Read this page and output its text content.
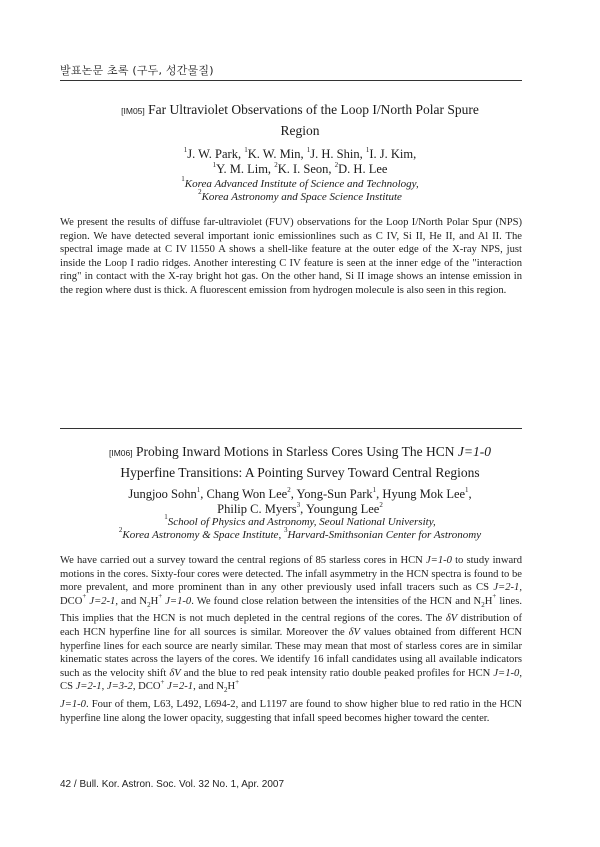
발표논문 초록 (구두, 성간물질)
[IM05] Far Ultraviolet Observations of the Loop I/North Polar Spure
Region
$^1$J. W. Park, $^1$K. W. Min, $^1$J. H. Shin, $^1$I. J. Kim,
$^1$Y. M. Lim, $^2$K. I. Seon, $^2$D. H. Lee
$^1$Korea Advanced Institute of Science and Technology,
$^2$Korea Astronomy and Space Science Institute

We present the results of diffuse far-ultraviolet (FUV) observations for the Loop I/North Polar Spur (NPS) region. We have detected several important ionic emissionlines such as C IV, Si II, He II, and Al II. The spectral image made at C IV l1550 A shows a shell-like feature at the outer edge of the X-ray NPS, just inside the Loop I radio ridges. Another interesting C IV feature is seen at the inner edge of the "interaction ring" in contact with the X-ray bright hot gas. On the other hand, Si II image shows an intense emission in the region where dust is thick. A fluorescent emission from hydrogen molecule is also seen in this region.

[IM06] Probing Inward Motions in Starless Cores Using The HCN J=1-0
Hyperfine Transitions: A Pointing Survey Toward Central Regions
Jungjoo Sohn$^1$, Chang Won Lee$^2$, Yong-Sun Park$^1$, Hyung Mok Lee$^1$,
Philip C. Myers$^3$, Youngung Lee$^2$
$^1$School of Physics and Astronomy, Seoul National University,
$^2$Korea Astronomy & Space Institute, $^3$Harvard-Smithsonian Center for Astronomy

We have carried out a survey toward the central regions of 85 starless cores in HCN J=1-0 to study inward motions in the cores. Sixty-four cores were detected. The infall asymmetry in the HCN spectra is found to be more prevalent, and more prominent than in any other previously used infall tracers such as CS J=2-1, DCO+ J=2-1, and $N_2H^+$ J=1-0. We found close relation between the intensities of the HCN and $N_2H^+$ lines. This implies that the HCN is not much depleted in the central regions of the cores. The δV distribution of each HCN hyperfine line for all sources is similar. Moreover the δV values obtained from different HCN hyperfine lines for each source are nearly similar. These may mean that most of starless cores are in similar kinematic states across the layers of the cores. We identify 16 infall candidates using all available indicators such as the velocity shift δV and the blue to red peak intensity ratio double peaked profiles for HCN J=1-0, CS J=2-1, J=3-2, DCO+ J=2-1, and $N_2H^+$
J=1-0. Four of them, L63, L492, L694-2, and L1197 are found to show higher blue to red ratio in the HCN hyperfine line along the lower opacity, suggesting that infall speed becomes higher toward the center.

42 / Bull. Kor. Astron. Soc. Vol. 32 No. 1, Apr. 2007
